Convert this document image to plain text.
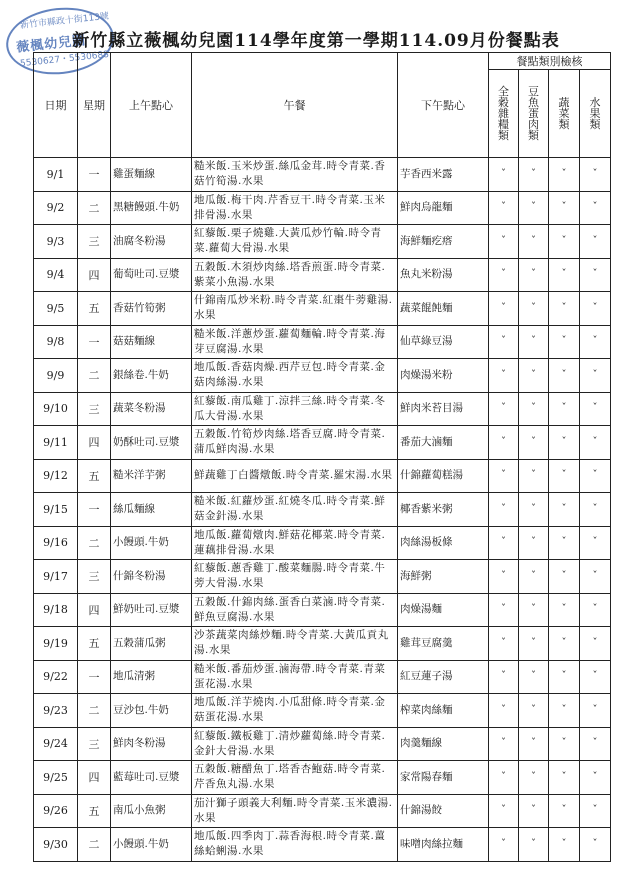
新竹市縣政十街113號
薇楓幼兒園
5530627・5530688
新竹縣立薇楓幼兒園114學年度第一學期114.09月份餐點表
日期	星期	上午點心	午餐	下午點心	餐點類別檢核			
					全穀雜糧類	豆魚蛋肉類	蔬菜類	水果類
9/1	一	雞蛋麵線	糙米飯.玉米炒蛋.絲瓜金茸.時令青菜.香菇竹筍湯.水果	芋香西米露	ˇ	ˇ	ˇ	ˇ
9/2	二	黑糖饅頭.牛奶	地瓜飯.梅干肉.芹香豆干.時令青菜.玉米排骨湯.水果	鮮肉烏龍麵	ˇ	ˇ	ˇ	ˇ
9/3	三	油腐冬粉湯	紅藜飯.栗子燒雞.大黃瓜炒竹輪.時令青菜.蘿蔔大骨湯.水果	海鮮麵疙瘩	ˇ	ˇ	ˇ	ˇ
9/4	四	葡萄吐司.豆漿	五穀飯.木須炒肉絲.塔香煎蛋.時令青菜.紫菜小魚湯.水果	魚丸米粉湯	ˇ	ˇ	ˇ	ˇ
9/5	五	香菇竹筍粥	什錦南瓜炒米粉.時令青菜.紅棗牛蒡雞湯.水果	蔬菜餛飩麵	ˇ	ˇ	ˇ	ˇ
9/8	一	菇菇麵線	糙米飯.洋蔥炒蛋.蘿蔔麵輪.時令青菜.海芽豆腐湯.水果	仙草綠豆湯	ˇ	ˇ	ˇ	ˇ
9/9	二	銀絲卷.牛奶	地瓜飯.香菇肉燥.西芹豆包.時令青菜.金菇肉絲湯.水果	肉燥湯米粉	ˇ	ˇ	ˇ	ˇ
9/10	三	蔬菜冬粉湯	紅藜飯.南瓜雞丁.涼拌三絲.時令青菜.冬瓜大骨湯.水果	鮮肉米苔目湯	ˇ	ˇ	ˇ	ˇ
9/11	四	奶酥吐司.豆漿	五穀飯.竹筍炒肉絲.塔香豆腐.時令青菜.蒲瓜鮮肉湯.水果	番茄大滷麵	ˇ	ˇ	ˇ	ˇ
9/12	五	糙米洋芋粥	鮮蔬雞丁白醬燉飯.時令青菜.羅宋湯.水果	什錦蘿蔔糕湯	ˇ	ˇ	ˇ	ˇ
9/15	一	絲瓜麵線	糙米飯.紅蘿炒蛋.紅燒冬瓜.時令青菜.鮮菇金針湯.水果	椰香紫米粥	ˇ	ˇ	ˇ	ˇ
9/16	二	小饅頭.牛奶	地瓜飯.蘿蔔燉肉.鮮菇花椰菜.時令青菜.蓮藕排骨湯.水果	肉絲湯板條	ˇ	ˇ	ˇ	ˇ
9/17	三	什錦冬粉湯	紅藜飯.蔥香雞丁.酸菜麵腸.時令青菜.牛蒡大骨湯.水果	海鮮粥	ˇ	ˇ	ˇ	ˇ
9/18	四	鮮奶吐司.豆漿	五穀飯.什錦肉絲.蛋香白菜滷.時令青菜.鮮魚豆腐湯.水果	肉燥湯麵	ˇ	ˇ	ˇ	ˇ
9/19	五	五穀蒲瓜粥	沙茶蔬菜肉絲炒麵.時令青菜.大黃瓜貢丸湯.水果	雞茸豆腐羹	ˇ	ˇ	ˇ	ˇ
9/22	一	地瓜清粥	糙米飯.番茄炒蛋.滷海帶.時令青菜.青菜蛋花湯.水果	紅豆蓮子湯	ˇ	ˇ	ˇ	ˇ
9/23	二	豆沙包.牛奶	地瓜飯.洋芋燒肉.小瓜甜條.時令青菜.金菇蛋花湯.水果	榨菜肉絲麵	ˇ	ˇ	ˇ	ˇ
9/24	三	鮮肉冬粉湯	紅藜飯.鐵板雞丁.清炒蘿蔔絲.時令青菜.金針大骨湯.水果	肉羹麵線	ˇ	ˇ	ˇ	ˇ
9/25	四	藍莓吐司.豆漿	五穀飯.糖醋魚丁.塔香杏鮑菇.時令青菜.芹香魚丸湯.水果	家常陽春麵	ˇ	ˇ	ˇ	ˇ
9/26	五	南瓜小魚粥	茄汁獅子頭義大利麵.時令青菜.玉米濃湯.水果	什錦湯餃	ˇ	ˇ	ˇ	ˇ
9/30	二	小饅頭.牛奶	地瓜飯.四季肉丁.蒜香海根.時令青菜.薑絲蛤蜊湯.水果	味噌肉絲拉麵	ˇ	ˇ	ˇ	ˇ
